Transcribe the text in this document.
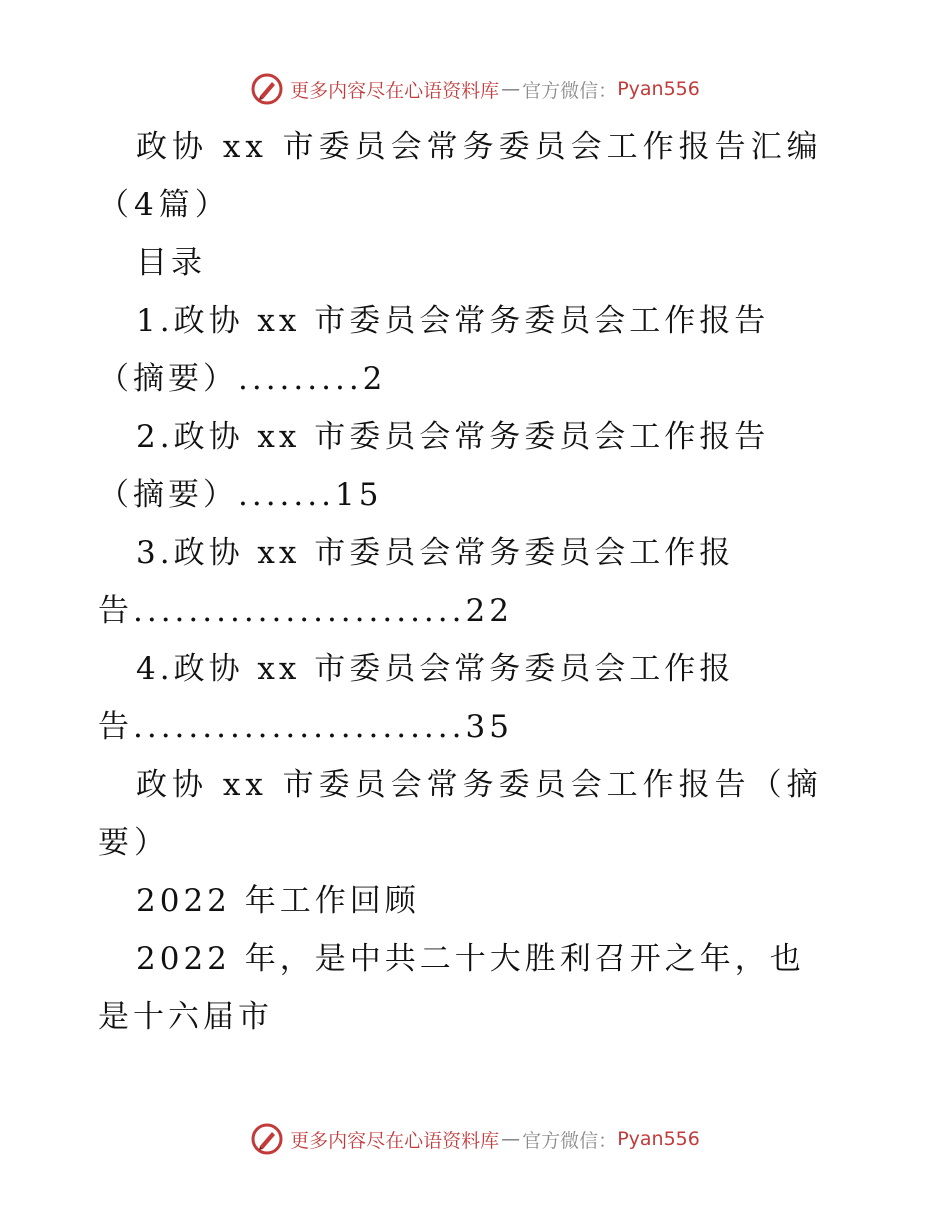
更多内容尽在心语资料库 — 官方微信： Pyan556

政协 xx 市委员会常务委员会工作报告汇编（4篇）

目录

1.政协 xx 市委员会常务委员会工作报告（摘要）.........2

2.政协 xx 市委员会常务委员会工作报告（摘要）.......15

3.政协 xx 市委员会常务委员会工作报告........................22

4.政协 xx 市委员会常务委员会工作报告........................35

政协 xx 市委员会常务委员会工作报告（摘要）

2022 年工作回顾

2022 年，是中共二十大胜利召开之年，也是十六届市

更多内容尽在心语资料库 — 官方微信： Pyan556
